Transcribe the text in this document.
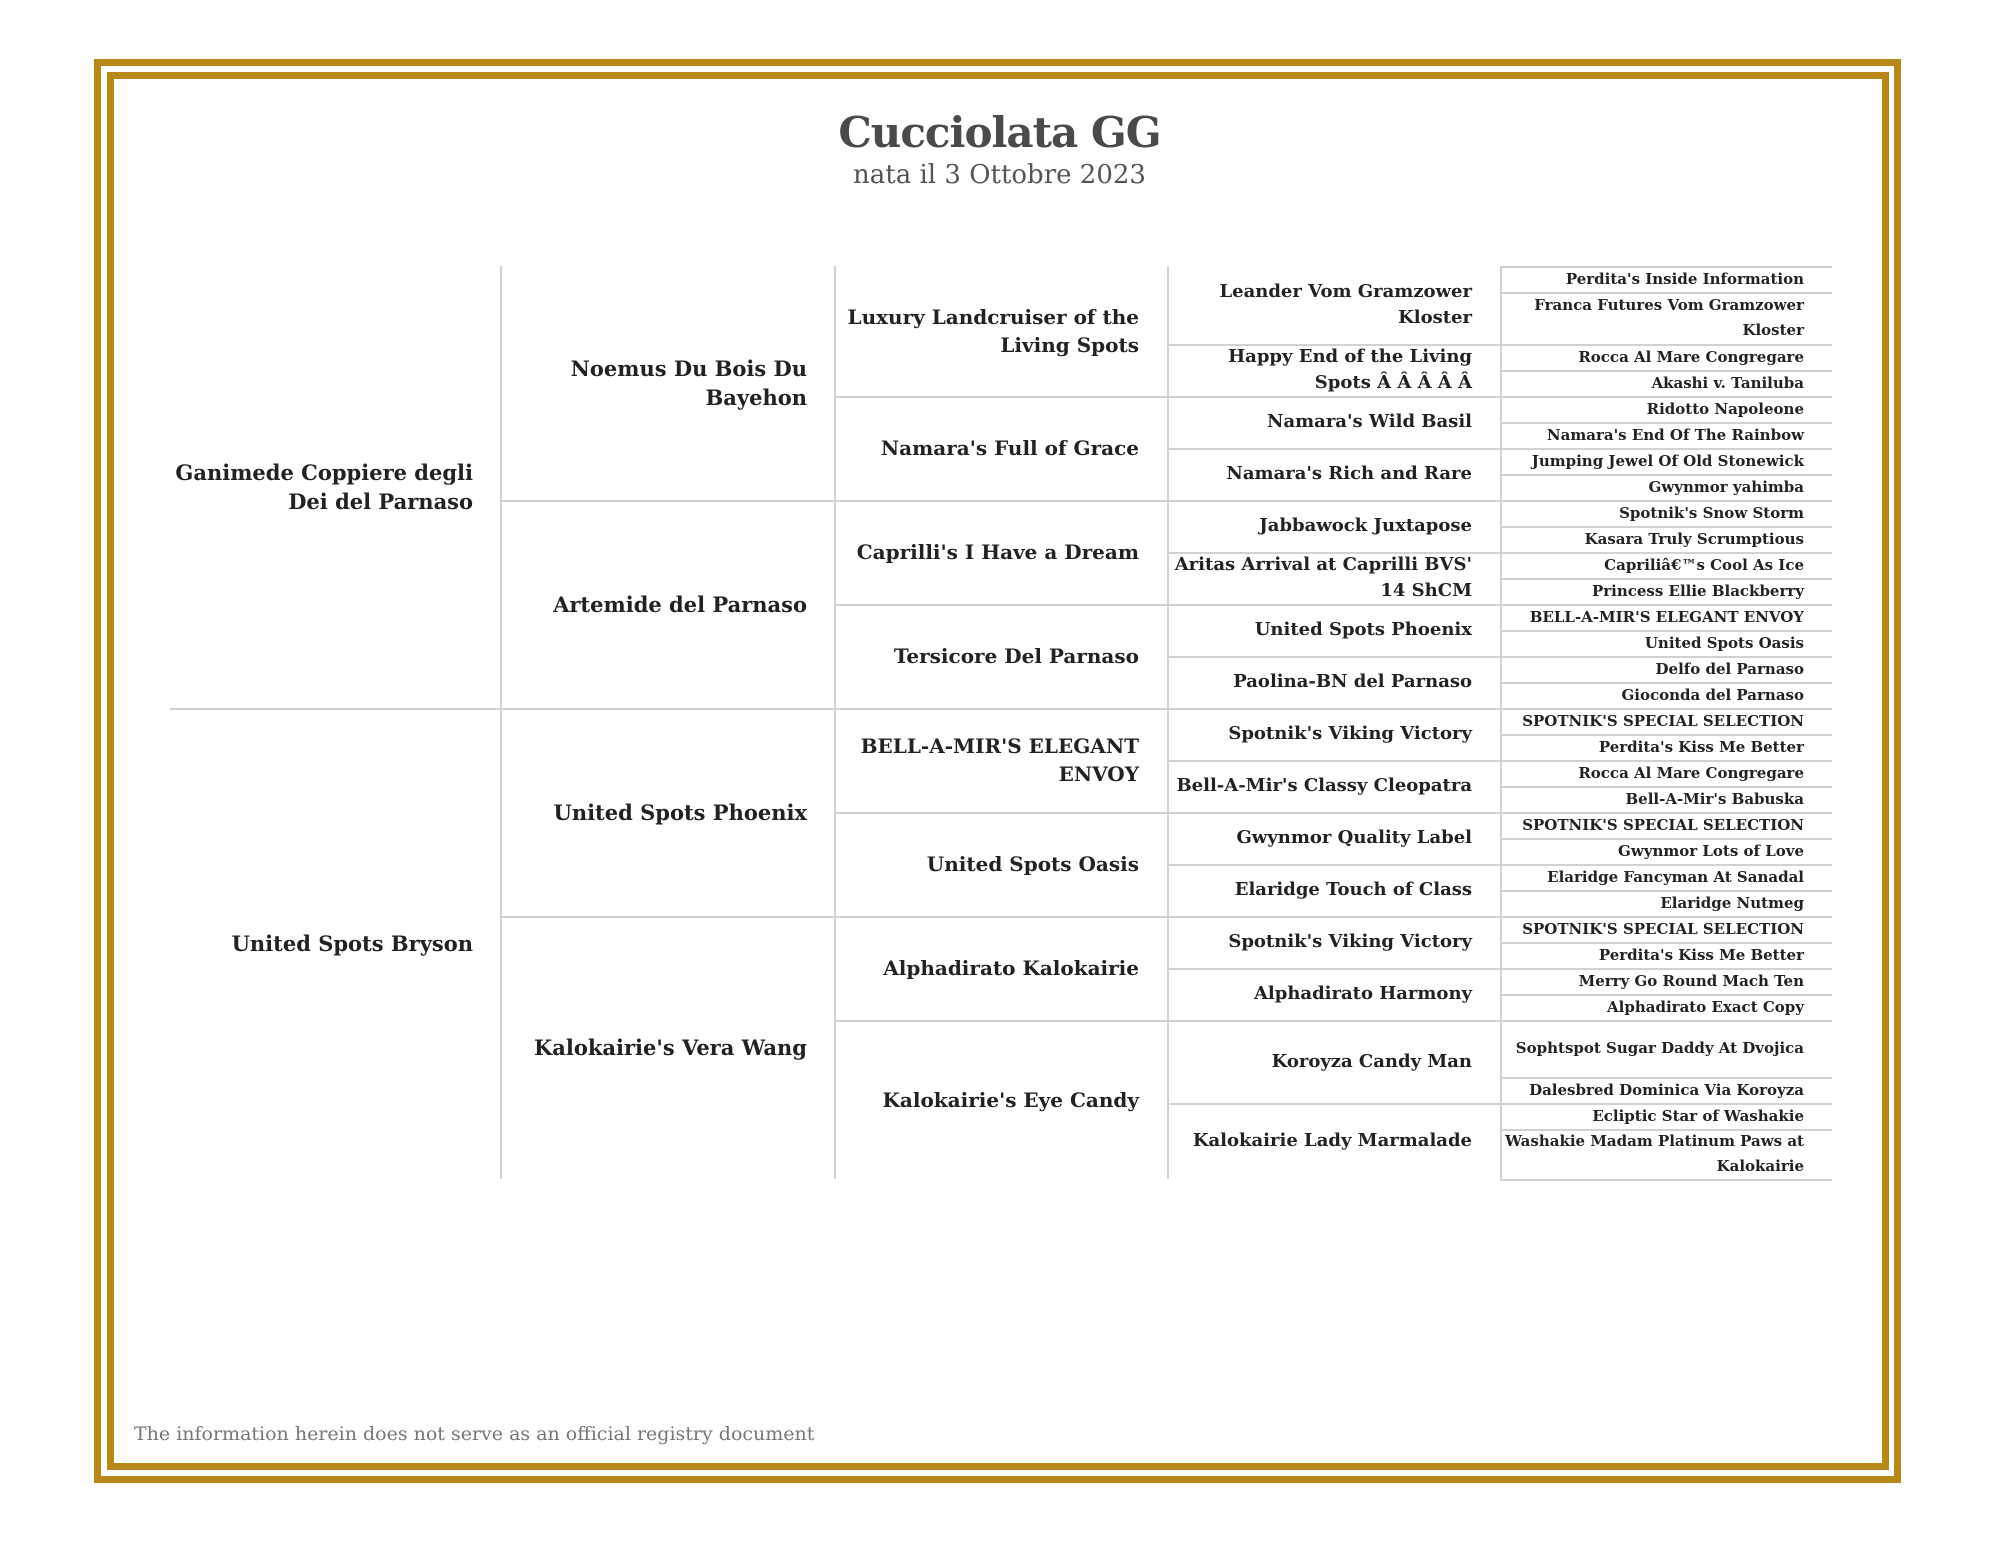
Cucciolata GG
nata il 3 Ottobre 2023
Ganimede Coppiere degli Dei del Parnaso
United Spots Bryson
Noemus Du Bois Du Bayehon
Artemide del Parnaso
United Spots Phoenix
Kalokairie's Vera Wang
Luxury Landcruiser of the Living Spots
Namara's Full of Grace
Caprilli's I Have a Dream
Tersicore Del Parnaso
BELL-A-MIR'S ELEGANT ENVOY
United Spots Oasis
Alphadirato Kalokairie
Kalokairie's Eye Candy
Leander Vom Gramzower Kloster
Happy End of the Living Spots Â Â Â Â Â
Namara's Wild Basil
Namara's Rich and Rare
Jabbawock Juxtapose
Aritas Arrival at Caprilli BVS' 14 ShCM
United Spots Phoenix
Paolina-BN del Parnaso
Spotnik's Viking Victory
Bell-A-Mir's Classy Cleopatra
Gwynmor Quality Label
Elaridge Touch of Class
Spotnik's Viking Victory
Alphadirato Harmony
Koroyza Candy Man
Kalokairie Lady Marmalade
Perdita's Inside Information
Franca Futures Vom Gramzower Kloster
Rocca Al Mare Congregare
Akashi v. Taniluba
Ridotto Napoleone
Namara's End Of The Rainbow
Jumping Jewel Of Old Stonewick
Gwynmor yahimba
Spotnik's Snow Storm
Kasara Truly Scrumptious
Capriliâ€™s Cool As Ice
Princess Ellie Blackberry
BELL-A-MIR'S ELEGANT ENVOY
United Spots Oasis
Delfo del Parnaso
Gioconda del Parnaso
SPOTNIK'S SPECIAL SELECTION
Perdita's Kiss Me Better
Rocca Al Mare Congregare
Bell-A-Mir's Babuska
SPOTNIK'S SPECIAL SELECTION
Gwynmor Lots of Love
Elaridge Fancyman At Sanadal
Elaridge Nutmeg
SPOTNIK'S SPECIAL SELECTION
Perdita's Kiss Me Better
Merry Go Round Mach Ten
Alphadirato Exact Copy
Sophtspot Sugar Daddy At Dvojica
Dalesbred Dominica Via Koroyza
Ecliptic Star of Washakie
Washakie Madam Platinum Paws at Kalokairie
The information herein does not serve as an official registry document
